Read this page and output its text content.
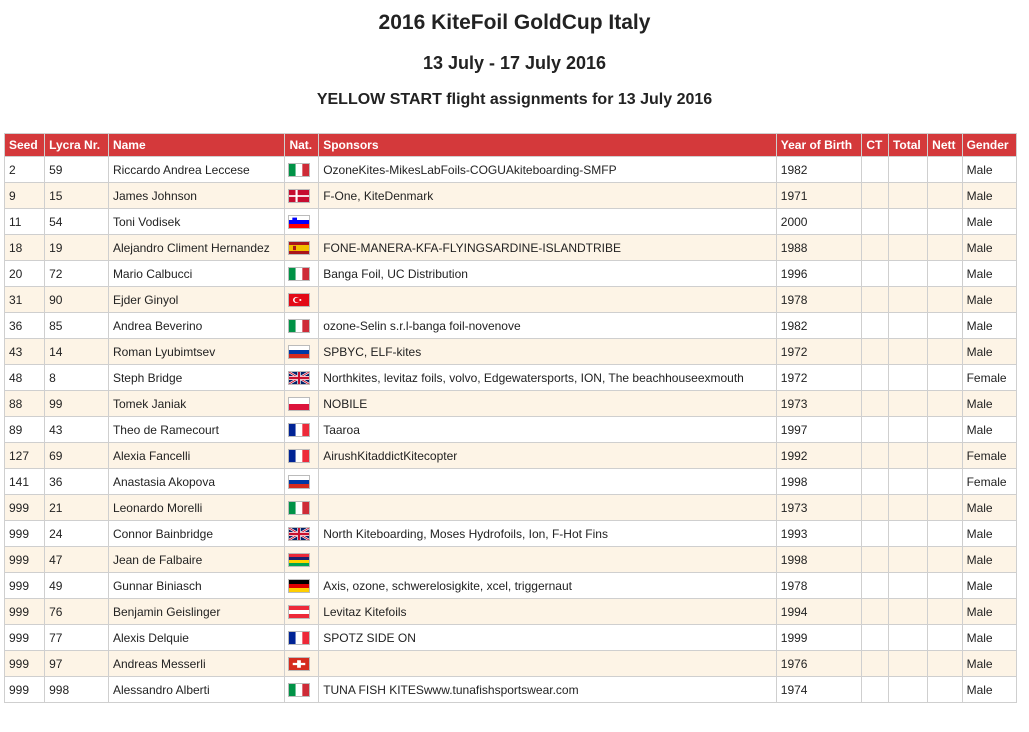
2016 KiteFoil GoldCup Italy
13 July - 17 July 2016
YELLOW START flight assignments for 13 July 2016
Seed	Lycra Nr.	Name	Nat.	Sponsors	Year of Birth	CT	Total	Nett	Gender
2	59	Riccardo Andrea Leccese		OzoneKites-MikesLabFoils-COGUAkiteboarding-SMFP	1982				Male
9	15	James Johnson		F-One, KiteDenmark	1971				Male
11	54	Toni Vodisek			2000				Male
18	19	Alejandro Climent Hernandez		FONE-MANERA-KFA-FLYINGSARDINE-ISLANDTRIBE	1988				Male
20	72	Mario Calbucci		Banga Foil, UC Distribution	1996				Male
31	90	Ejder Ginyol			1978				Male
36	85	Andrea Beverino		ozone-Selin s.r.l-banga foil-novenove	1982				Male
43	14	Roman Lyubimtsev		SPBYC, ELF-kites	1972				Male
48	8	Steph Bridge		Northkites, levitaz foils, volvo, Edgewatersports, ION, The beachhouseexmouth	1972				Female
88	99	Tomek Janiak		NOBILE	1973				Male
89	43	Theo de Ramecourt		Taaroa	1997				Male
127	69	Alexia Fancelli		AirushKitaddictKitecopter	1992				Female
141	36	Anastasia Akopova			1998				Female
999	21	Leonardo Morelli			1973				Male
999	24	Connor Bainbridge		North Kiteboarding, Moses Hydrofoils, Ion, F-Hot Fins	1993				Male
999	47	Jean de Falbaire			1998				Male
999	49	Gunnar Biniasch		Axis, ozone, schwerelosigkite, xcel, triggernaut	1978				Male
999	76	Benjamin Geislinger		Levitaz Kitefoils	1994				Male
999	77	Alexis Delquie		SPOTZ SIDE ON	1999				Male
999	97	Andreas Messerli			1976				Male
999	998	Alessandro Alberti		TUNA FISH KITESwww.tunafishsportswear.com	1974				Male
